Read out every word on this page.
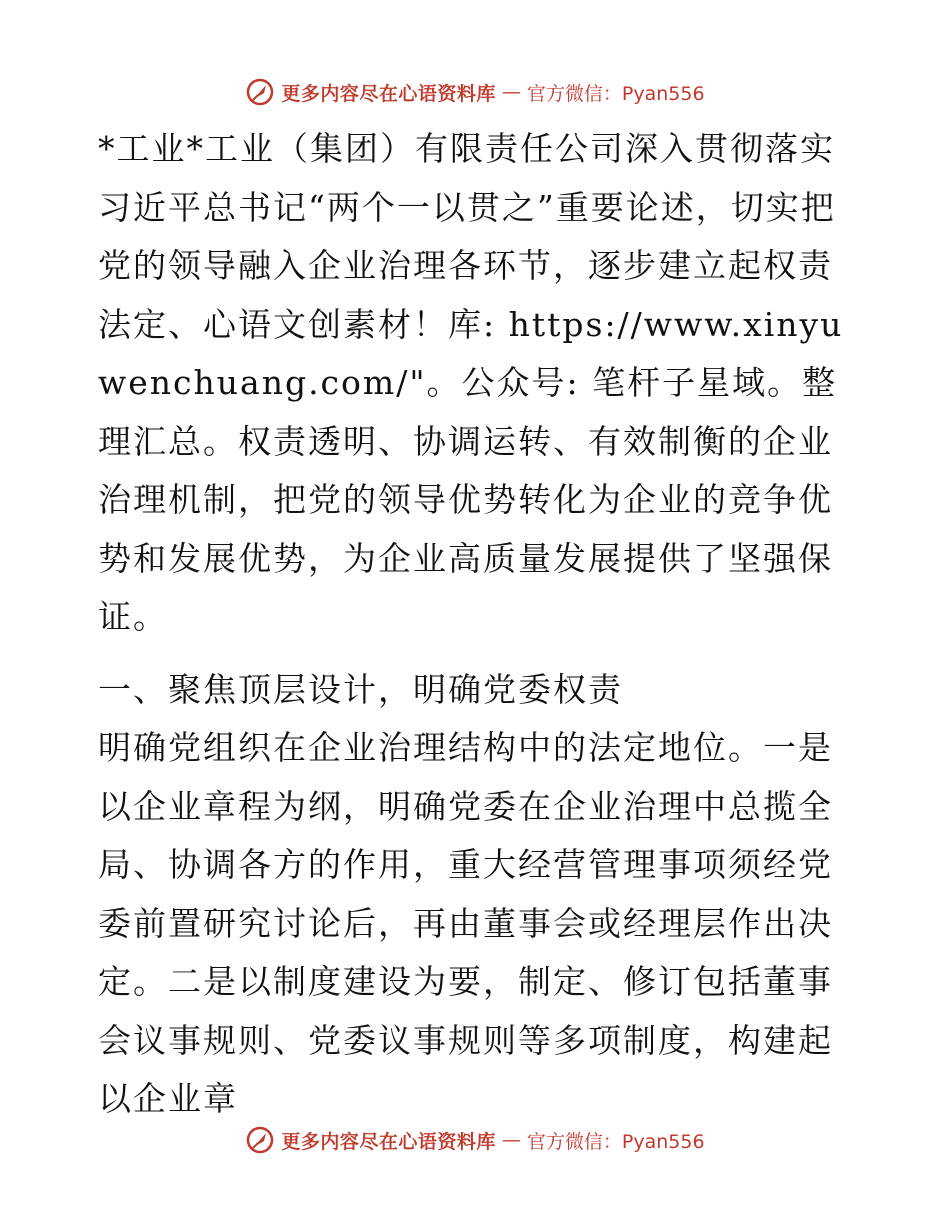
更多内容尽在心语资料库 — 官方微信：Pyan556

*工业*工业（集团）有限责任公司深入贯彻落实习近平总书记“两个一以贯之”重要论述，切实把党的领导融入企业治理各环节，逐步建立起权责法定、心语文创素材！库: https://www.xinyuwenchuang.com/"。公众号: 笔杆子星域。整理汇总。权责透明、协调运转、有效制衡的企业治理机制，把党的领导优势转化为企业的竞争优势和发展优势，为企业高质量发展提供了坚强保证。

一、聚焦顶层设计，明确党委权责

明确党组织在企业治理结构中的法定地位。一是以企业章程为纲，明确党委在企业治理中总揽全局、协调各方的作用，重大经营管理事项须经党委前置研究讨论后，再由董事会或经理层作出决定。二是以制度建设为要，制定、修订包括董事会议事规则、党委议事规则等多项制度，构建起以企业章

更多内容尽在心语资料库 — 官方微信：Pyan556
